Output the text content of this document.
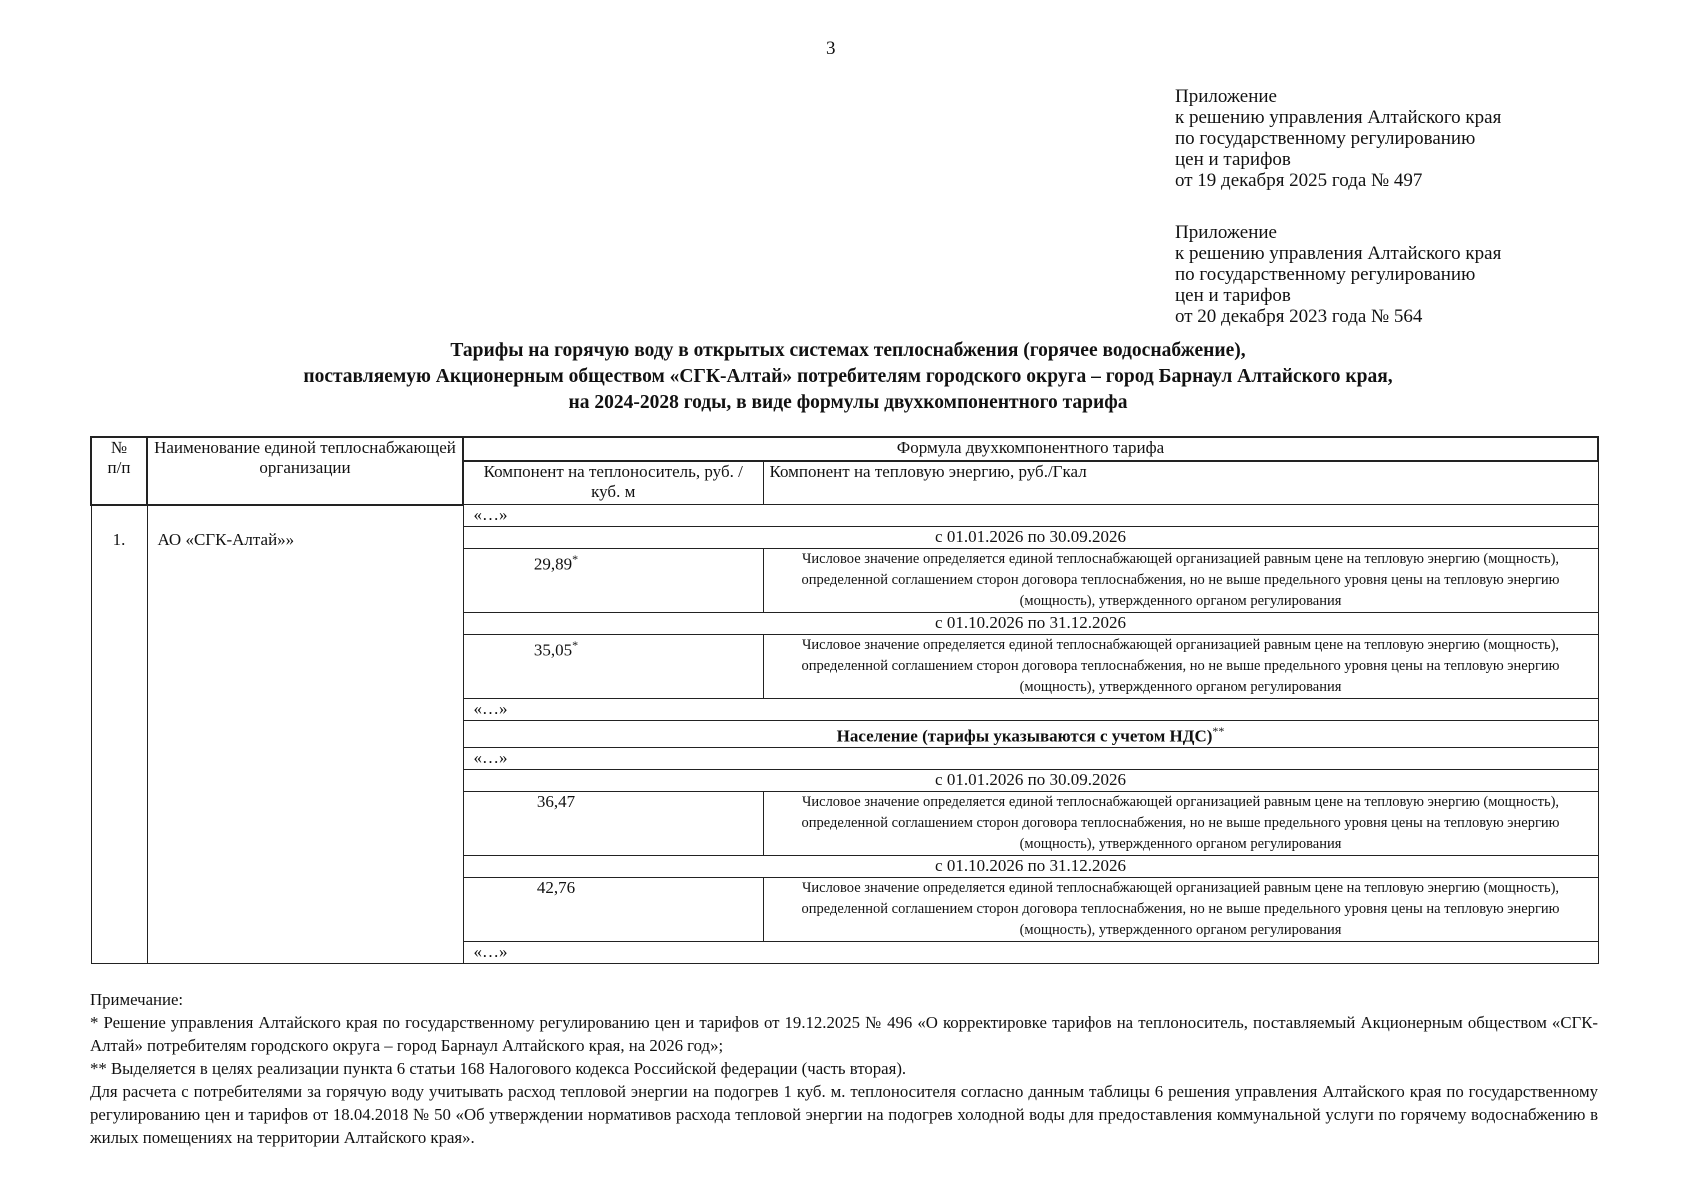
3
Приложение
к решению управления Алтайского края
по государственному регулированию
цен и тарифов
от 19 декабря 2025 года № 497
Приложение
к решению управления Алтайского края
по государственному регулированию
цен и тарифов
от 20 декабря 2023 года № 564
Тарифы на горячую воду в открытых системах теплоснабжения (горячее водоснабжение),
поставляемую Акционерным обществом «СГК-Алтай» потребителям городского округа – город Барнаул Алтайского края,
на 2024-2028 годы, в виде формулы двухкомпонентного тарифа
№
п/п	Наименование единой теплоснабжающей организации	Формула двухкомпонентного тарифа	
		Компонент на теплоноситель, руб. /куб. м	Компонент на тепловую энергию, руб./Гкал
1.	АО «СГК-Алтай»»	«…»	
		с 01.01.2026 по 30.09.2026	
		29,89*	Числовое значение определяется единой теплоснабжающей организацией равным цене на тепловую энергию (мощность), определенной соглашением сторон договора теплоснабжения, но не выше предельного уровня цены на тепловую энергию (мощность), утвержденного органом регулирования
		с 01.10.2026 по 31.12.2026	
		35,05*	Числовое значение определяется единой теплоснабжающей организацией равным цене на тепловую энергию (мощность), определенной соглашением сторон договора теплоснабжения, но не выше предельного уровня цены на тепловую энергию (мощность), утвержденного органом регулирования
		«…»	
		Население (тарифы указываются с учетом НДС)**
		«…»	
		с 01.01.2026 по 30.09.2026	
		36,47	Числовое значение определяется единой теплоснабжающей организацией равным цене на тепловую энергию (мощность), определенной соглашением сторон договора теплоснабжения, но не выше предельного уровня цены на тепловую энергию (мощность), утвержденного органом регулирования
		с 01.10.2026 по 31.12.2026	
		42,76	Числовое значение определяется единой теплоснабжающей организацией равным цене на тепловую энергию (мощность), определенной соглашением сторон договора теплоснабжения, но не выше предельного уровня цены на тепловую энергию (мощность), утвержденного органом регулирования
		«…»	

Примечание:

* Решение управления Алтайского края по государственному регулированию цен и тарифов от 19.12.2025 № 496 «О корректировке тарифов на теплоноситель, поставляемый Акционерным обществом «СГК-Алтай» потребителям городского округа – город Барнаул Алтайского края, на 2026 год»;

** Выделяется в целях реализации пункта 6 статьи 168 Налогового кодекса Российской федерации (часть вторая).

Для расчета с потребителями за горячую воду учитывать расход тепловой энергии на подогрев 1 куб. м. теплоносителя согласно данным таблицы 6 решения управления Алтайского края по государственному регулированию цен и тарифов от 18.04.2018 № 50 «Об утверждении нормативов расхода тепловой энергии на подогрев холодной воды для предоставления коммунальной услуги по горячему водоснабжению в жилых помещениях на территории Алтайского края».
